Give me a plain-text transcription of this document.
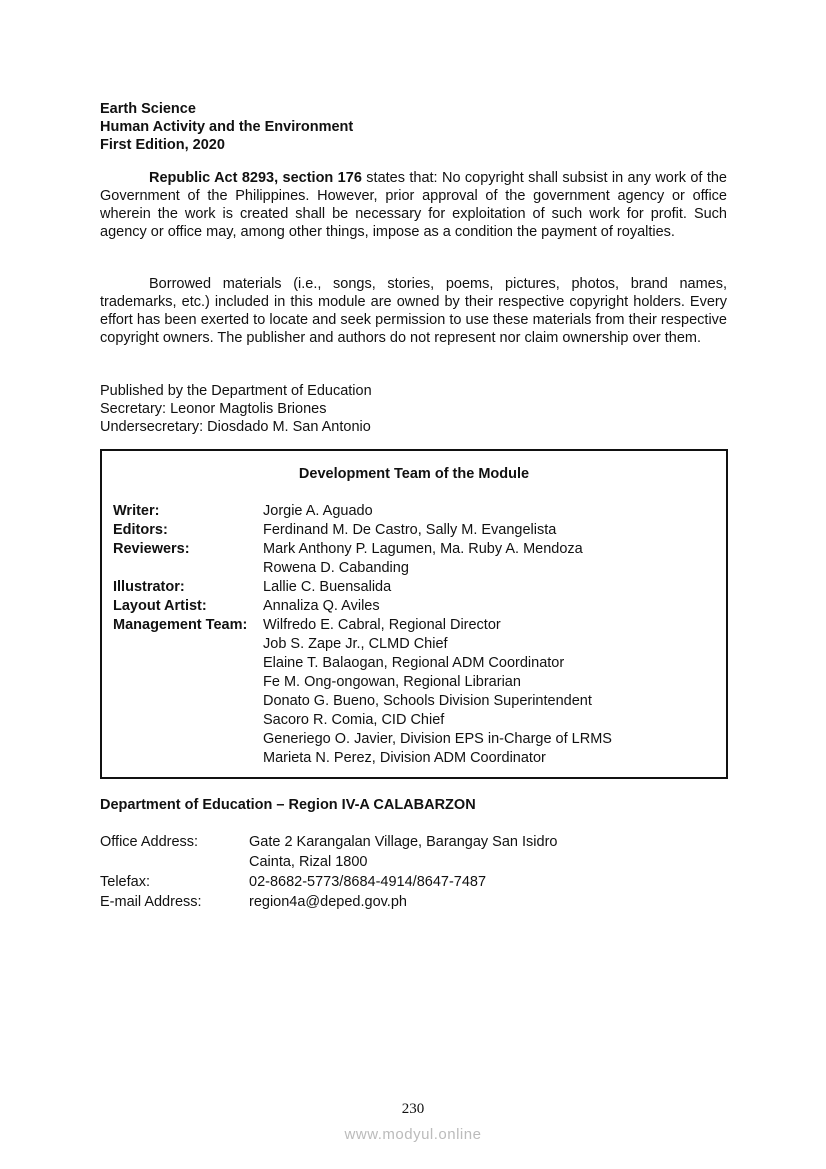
Earth Science
Human Activity and the Environment
First Edition, 2020

Republic Act 8293, section 176 states that: No copyright shall subsist in any work of the Government of the Philippines. However, prior approval of the government agency or office wherein the work is created shall be necessary for exploitation of such work for profit. Such agency or office may, among other things, impose as a condition the payment of royalties.

Borrowed materials (i.e., songs, stories, poems, pictures, photos, brand names, trademarks, etc.) included in this module are owned by their respective copyright holders. Every effort has been exerted to locate and seek permission to use these materials from their respective copyright owners. The publisher and authors do not represent nor claim ownership over them.

Published by the Department of Education
Secretary: Leonor Magtolis Briones
Undersecretary: Diosdado M. San Antonio
Development Team of the Module
Writer:	Jorgie A. Aguado
Editors:	Ferdinand M. De Castro, Sally M. Evangelista
Reviewers:	Mark Anthony P. Lagumen, Ma. Ruby A. Mendoza
Rowena D. Cabanding
Illustrator:	Lallie C. Buensalida
Layout Artist:	Annaliza Q. Aviles
Management Team:	Wilfredo E. Cabral, Regional Director
Job S. Zape Jr., CLMD Chief
Elaine T. Balaogan, Regional ADM Coordinator
Fe M. Ong-ongowan, Regional Librarian
Donato G. Bueno, Schools Division Superintendent
Sacoro R. Comia, CID Chief
Generiego O. Javier, Division EPS in-Charge of LRMS
Marieta N. Perez, Division ADM Coordinator
Department of Education – Region IV-A CALABARZON
Office Address:	Gate 2 Karangalan Village, Barangay San Isidro
Cainta, Rizal 1800
Telefax:	02-8682-5773/8684-4914/8647-7487
E-mail Address:	region4a@deped.gov.ph
230
www.modyul.online
